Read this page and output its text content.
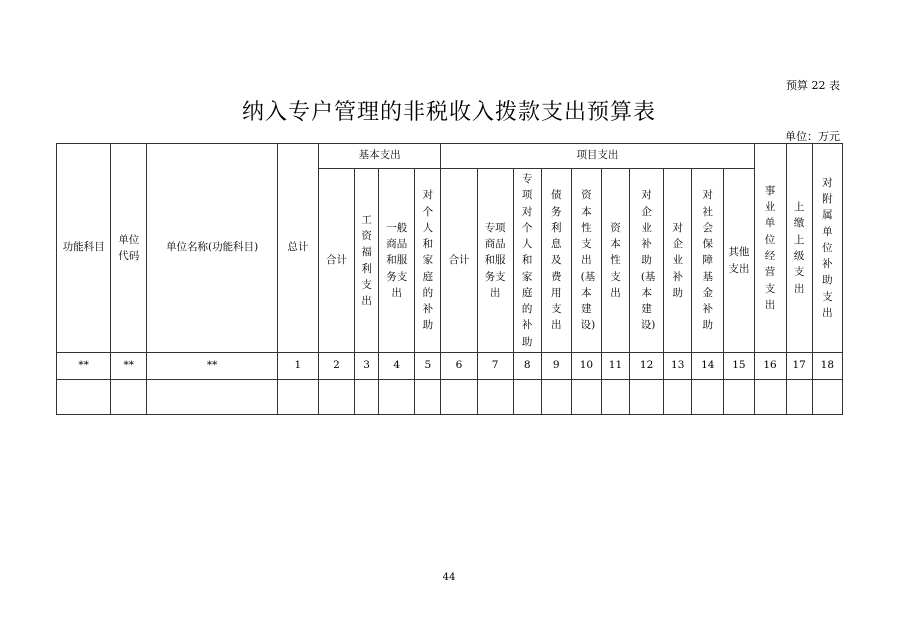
预算 22 表
纳入专户管理的非税收入拨款支出预算表
单位：万元
功能科目	单位代码	单位名称(功能科目)	总计	基本支出				项目支出										事业单位经营支出	上缴上级支出	对附属单位补助支出
				合计	工资福利支出	一般商品和服务支出	对个人和家庭的补助	合计	专项商品和服务支出	专项对个人和家庭的补助	债务利息及费用支出	资本性支出(基本建设)	资本性支出	对企业补助(基本建设)	对企业补助	对社会保障基金补助	其他支出			
**	**	**	1	2	3	4	5	6	7	8	9	10	11	12	13	14	15	16	17	18

44
